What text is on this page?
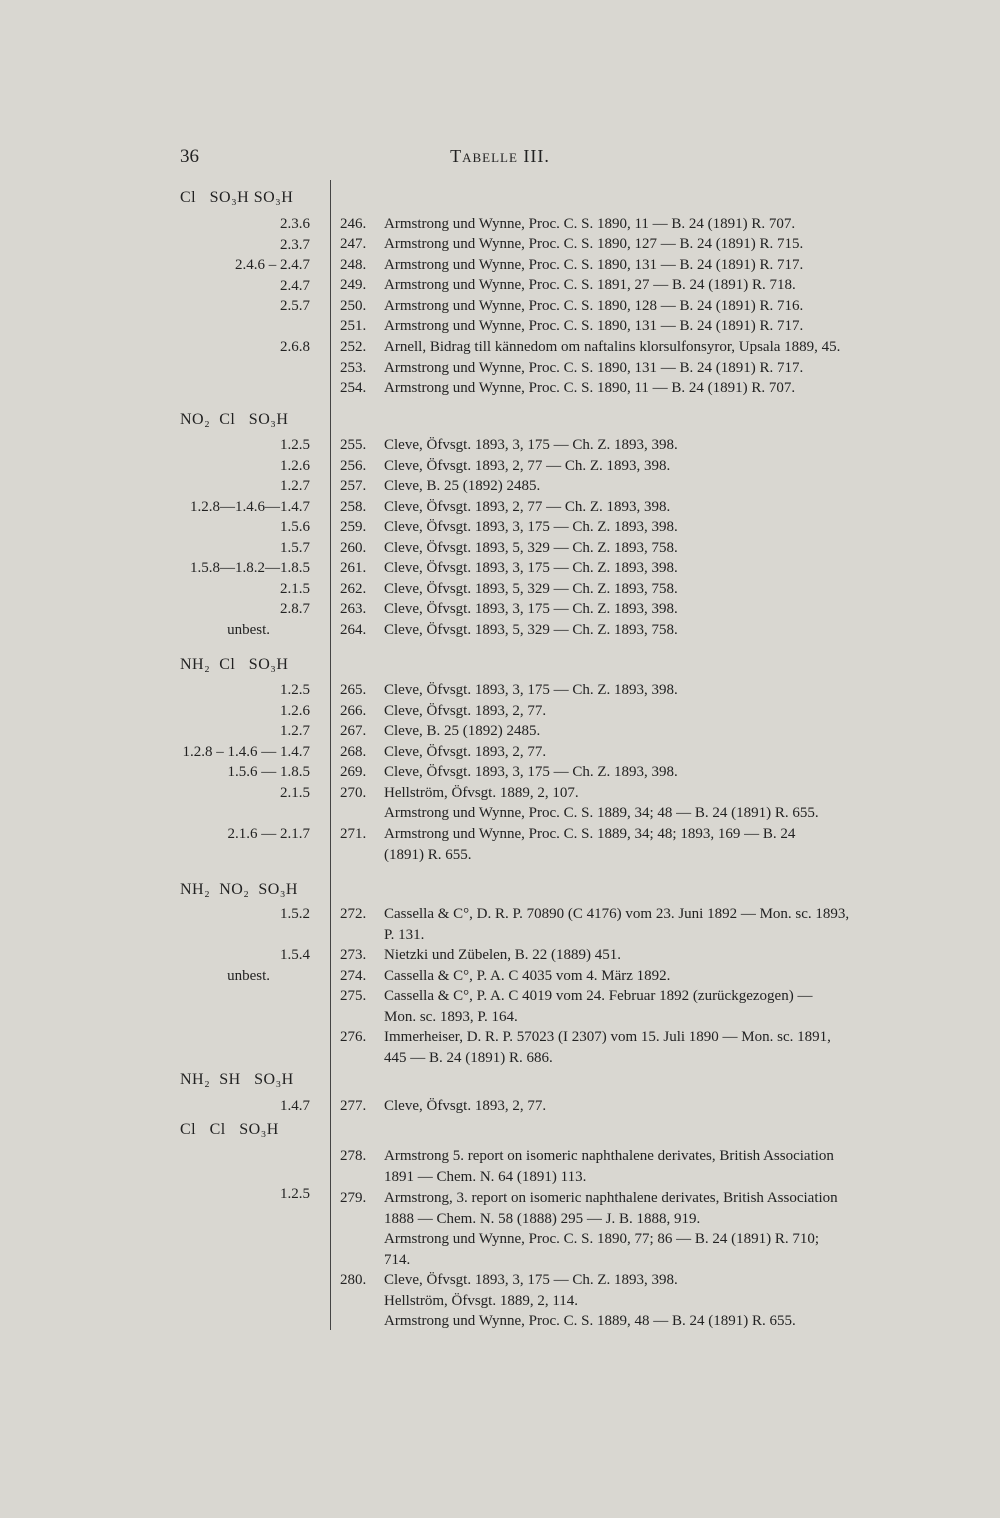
36	Tabelle III.
Cl   SO₃H SO₃H
2.3.6
2.3.7
2.4.6 – 2.4.7
2.4.7
2.5.7
2.6.8
NO₂  Cl   SO₃H
1.2.5
1.2.6
1.2.7
1.2.8—1.4.6—1.4.7
1.5.6
1.5.7
1.5.8—1.8.2—1.8.5
2.1.5
2.8.7
unbest.
NH₂  Cl   SO₃H
1.2.5
1.2.6
1.2.7
1.2.8 – 1.4.6 — 1.4.7
1.5.6 — 1.8.5
2.1.5
2.1.6 — 2.1.7
NH₂  NO₂  SO₃H
1.5.2
1.5.4
unbest.
NH₂  SH   SO₃H
1.4.7
Cl   Cl   SO₃H
1.2.5
246. Armstrong und Wynne, Proc. C. S. 1890, 11 — B. 24 (1891) R. 707.
247. Armstrong und Wynne, Proc. C. S. 1890, 127 — B. 24 (1891) R. 715.
248. Armstrong und Wynne, Proc. C. S. 1890, 131 — B. 24 (1891) R. 717.
249. Armstrong und Wynne, Proc. C. S. 1891, 27 — B. 24 (1891) R. 718.
250. Armstrong und Wynne, Proc. C. S. 1890, 128 — B. 24 (1891) R. 716.
251. Armstrong und Wynne, Proc. C. S. 1890, 131 — B. 24 (1891) R. 717.
252. Arnell, Bidrag till kännedom om naftalins klorsulfonsyror, Upsala 1889, 45.
253. Armstrong und Wynne, Proc. C. S. 1890, 131 — B. 24 (1891) R. 717.
254. Armstrong und Wynne, Proc. C. S. 1890, 11 — B. 24 (1891) R. 707.
255. Cleve, Öfvsgt. 1893, 3, 175 — Ch. Z. 1893, 398.
256. Cleve, Öfvsgt. 1893, 2, 77 — Ch. Z. 1893, 398.
257. Cleve, B. 25 (1892) 2485.
258. Cleve, Öfvsgt. 1893, 2, 77 — Ch. Z. 1893, 398.
259. Cleve, Öfvsgt. 1893, 3, 175 — Ch. Z. 1893, 398.
260. Cleve, Öfvsgt. 1893, 5, 329 — Ch. Z. 1893, 758.
261. Cleve, Öfvsgt. 1893, 3, 175 — Ch. Z. 1893, 398.
262. Cleve, Öfvsgt. 1893, 5, 329 — Ch. Z. 1893, 758.
263. Cleve, Öfvsgt. 1893, 3, 175 — Ch. Z. 1893, 398.
264. Cleve, Öfvsgt. 1893, 5, 329 — Ch. Z. 1893, 758.
265. Cleve, Öfvsgt. 1893, 3, 175 — Ch. Z. 1893, 398.
266. Cleve, Öfvsgt. 1893, 2, 77.
267. Cleve, B. 25 (1892) 2485.
268. Cleve, Öfvsgt. 1893, 2, 77.
269. Cleve, Öfvsgt. 1893, 3, 175 — Ch. Z. 1893, 398.
270. Hellström, Öfvsgt. 1889, 2, 107.
Armstrong und Wynne, Proc. C. S. 1889, 34; 48 — B. 24 (1891) R. 655.
271. Armstrong und Wynne, Proc. C. S. 1889, 34; 48; 1893, 169 — B. 24
(1891) R. 655.
272. Cassella & C°, D. R. P. 70890 (C 4176) vom 23. Juni 1892 — Mon. sc. 1893,
P. 131.
273. Nietzki und Zübelen, B. 22 (1889) 451.
274. Cassella & C°, P. A. C 4035 vom 4. März 1892.
275. Cassella & C°, P. A. C 4019 vom 24. Februar 1892 (zurückgezogen) —
Mon. sc. 1893, P. 164.
276. Immerheiser, D. R. P. 57023 (I 2307) vom 15. Juli 1890 — Mon. sc. 1891,
445 — B. 24 (1891) R. 686.
277. Cleve, Öfvsgt. 1893, 2, 77.
278. Armstrong 5. report on isomeric naphthalene derivates, British Association
1891 — Chem. N. 64 (1891) 113.
279. Armstrong, 3. report on isomeric naphthalene derivates, British Association
1888 — Chem. N. 58 (1888) 295 — J. B. 1888, 919.
Armstrong und Wynne, Proc. C. S. 1890, 77; 86 — B. 24 (1891) R. 710;
714.
280. Cleve, Öfvsgt. 1893, 3, 175 — Ch. Z. 1893, 398.
Hellström, Öfvsgt. 1889, 2, 114.
Armstrong und Wynne, Proc. C. S. 1889, 48 — B. 24 (1891) R. 655.
